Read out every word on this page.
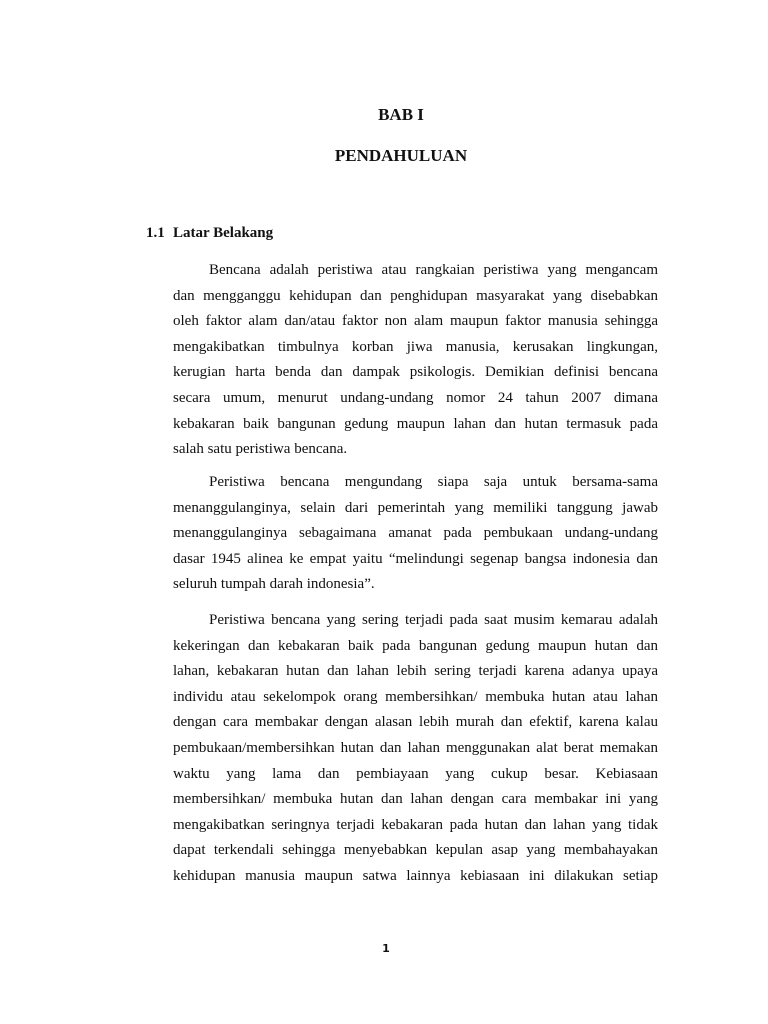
BAB I
PENDAHULUAN
1.1 Latar Belakang
Bencana adalah peristiwa atau rangkaian peristiwa yang mengancam
dan mengganggu kehidupan dan penghidupan masyarakat yang disebabkan
oleh faktor alam dan/atau faktor non alam maupun faktor manusia sehingga
mengakibatkan timbulnya korban jiwa manusia, kerusakan lingkungan,
kerugian harta benda dan dampak psikologis. Demikian definisi bencana
secara umum, menurut undang-undang nomor 24 tahun 2007 dimana
kebakaran baik bangunan gedung maupun lahan dan hutan termasuk pada
salah satu peristiwa bencana.
Peristiwa bencana mengundang siapa saja untuk bersama-sama
menanggulanginya, selain dari pemerintah yang memiliki tanggung jawab
menanggulanginya sebagaimana amanat pada pembukaan undang-undang
dasar 1945 alinea ke empat yaitu “melindungi segenap bangsa indonesia dan
seluruh tumpah darah indonesia”.
Peristiwa bencana yang sering terjadi pada saat musim kemarau adalah
kekeringan dan kebakaran baik pada bangunan gedung maupun hutan dan
lahan, kebakaran hutan dan lahan lebih sering terjadi karena adanya upaya
individu atau sekelompok orang membersihkan/ membuka hutan atau lahan
dengan cara membakar dengan alasan lebih murah dan efektif, karena kalau
pembukaan/membersihkan hutan dan lahan menggunakan alat berat memakan
waktu yang lama dan pembiayaan yang cukup besar. Kebiasaan
membersihkan/ membuka hutan dan lahan dengan cara membakar ini yang
mengakibatkan seringnya terjadi kebakaran pada hutan dan lahan yang tidak
dapat terkendali sehingga menyebabkan kepulan asap yang membahayakan
kehidupan manusia maupun satwa lainnya kebiasaan ini dilakukan setiap
1
